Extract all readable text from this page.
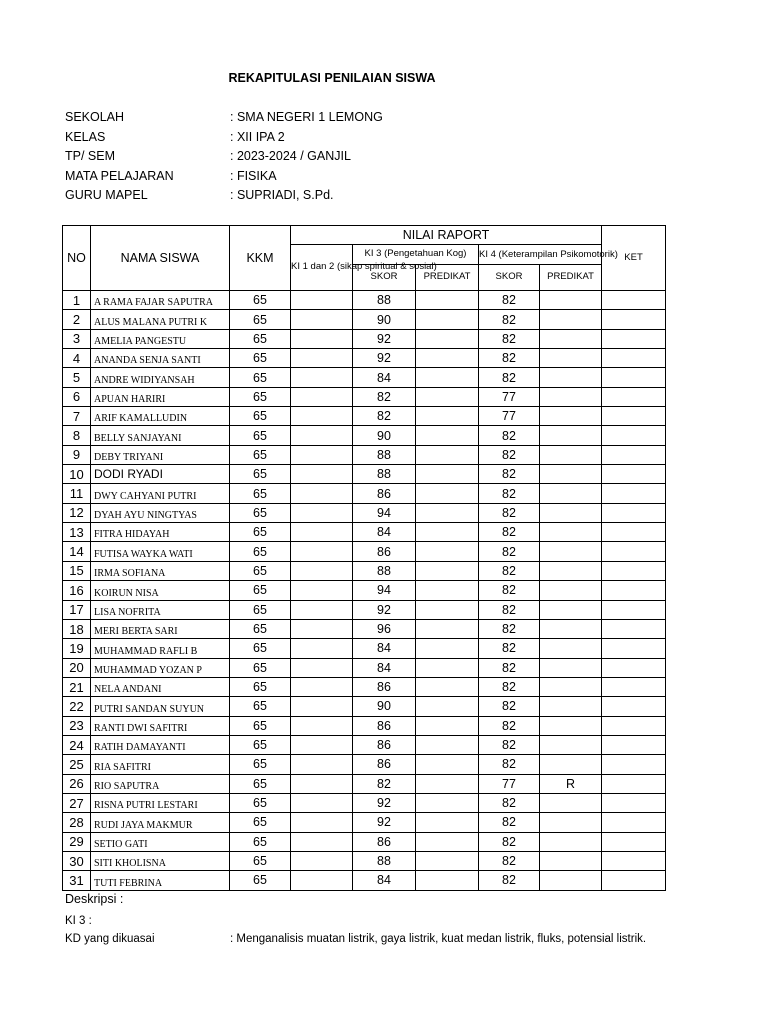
REKAPITULASI PENILAIAN SISWA
SEKOLAH	: SMA NEGERI 1 LEMONG
KELAS	: XII IPA 2
TP/ SEM	: 2023-2024 / GANJIL
MATA PELAJARAN	: FISIKA
GURU MAPEL	: SUPRIADI, S.Pd.
NO	NAMA SISWA	KKM	NILAI RAPORT					KET
			KI 1 dan 2 (sikap spiritual & sosial)	KI 3 (Pengetahuan Kog)		KI 4 (Keterampilan Psikomotorik)		
				SKOR	PREDIKAT	SKOR	PREDIKAT	
1	A RAMA FAJAR SAPUTRA	65		88		82		
2	ALUS MALANA PUTRI K	65		90		82		
3	AMELIA PANGESTU	65		92		82		
4	ANANDA SENJA SANTI	65		92		82		
5	ANDRE WIDIYANSAH	65		84		82		
6	APUAN HARIRI	65		82		77		
7	ARIF KAMALLUDIN	65		82		77		
8	BELLY SANJAYANI	65		90		82		
9	DEBY TRIYANI	65		88		82		
10	DODI RYADI	65		88		82		
11	DWY CAHYANI PUTRI	65		86		82		
12	DYAH AYU NINGTYAS	65		94		82		
13	FITRA HIDAYAH	65		84		82		
14	FUTISA WAYKA WATI	65		86		82		
15	IRMA SOFIANA	65		88		82		
16	KOIRUN NISA	65		94		82		
17	LISA NOFRITA	65		92		82		
18	MERI BERTA SARI	65		96		82		
19	MUHAMMAD RAFLI B	65		84		82		
20	MUHAMMAD YOZAN P	65		84		82		
21	NELA ANDANI	65		86		82		
22	PUTRI SANDAN SUYUN	65		90		82		
23	RANTI DWI SAFITRI	65		86		82		
24	RATIH DAMAYANTI	65		86		82		
25	RIA SAFITRI	65		86		82		
26	RIO SAPUTRA	65		82		77	R	
27	RISNA PUTRI LESTARI	65		92		82		
28	RUDI JAYA MAKMUR	65		92		82		
29	SETIO GATI	65		86		82		
30	SITI KHOLISNA	65		88		82		
31	TUTI FEBRINA	65		84		82		
Deskripsi :
KI 3 :
KD yang dikuasai	: Menganalisis muatan listrik, gaya listrik, kuat medan listrik, fluks, potensial listrik.
